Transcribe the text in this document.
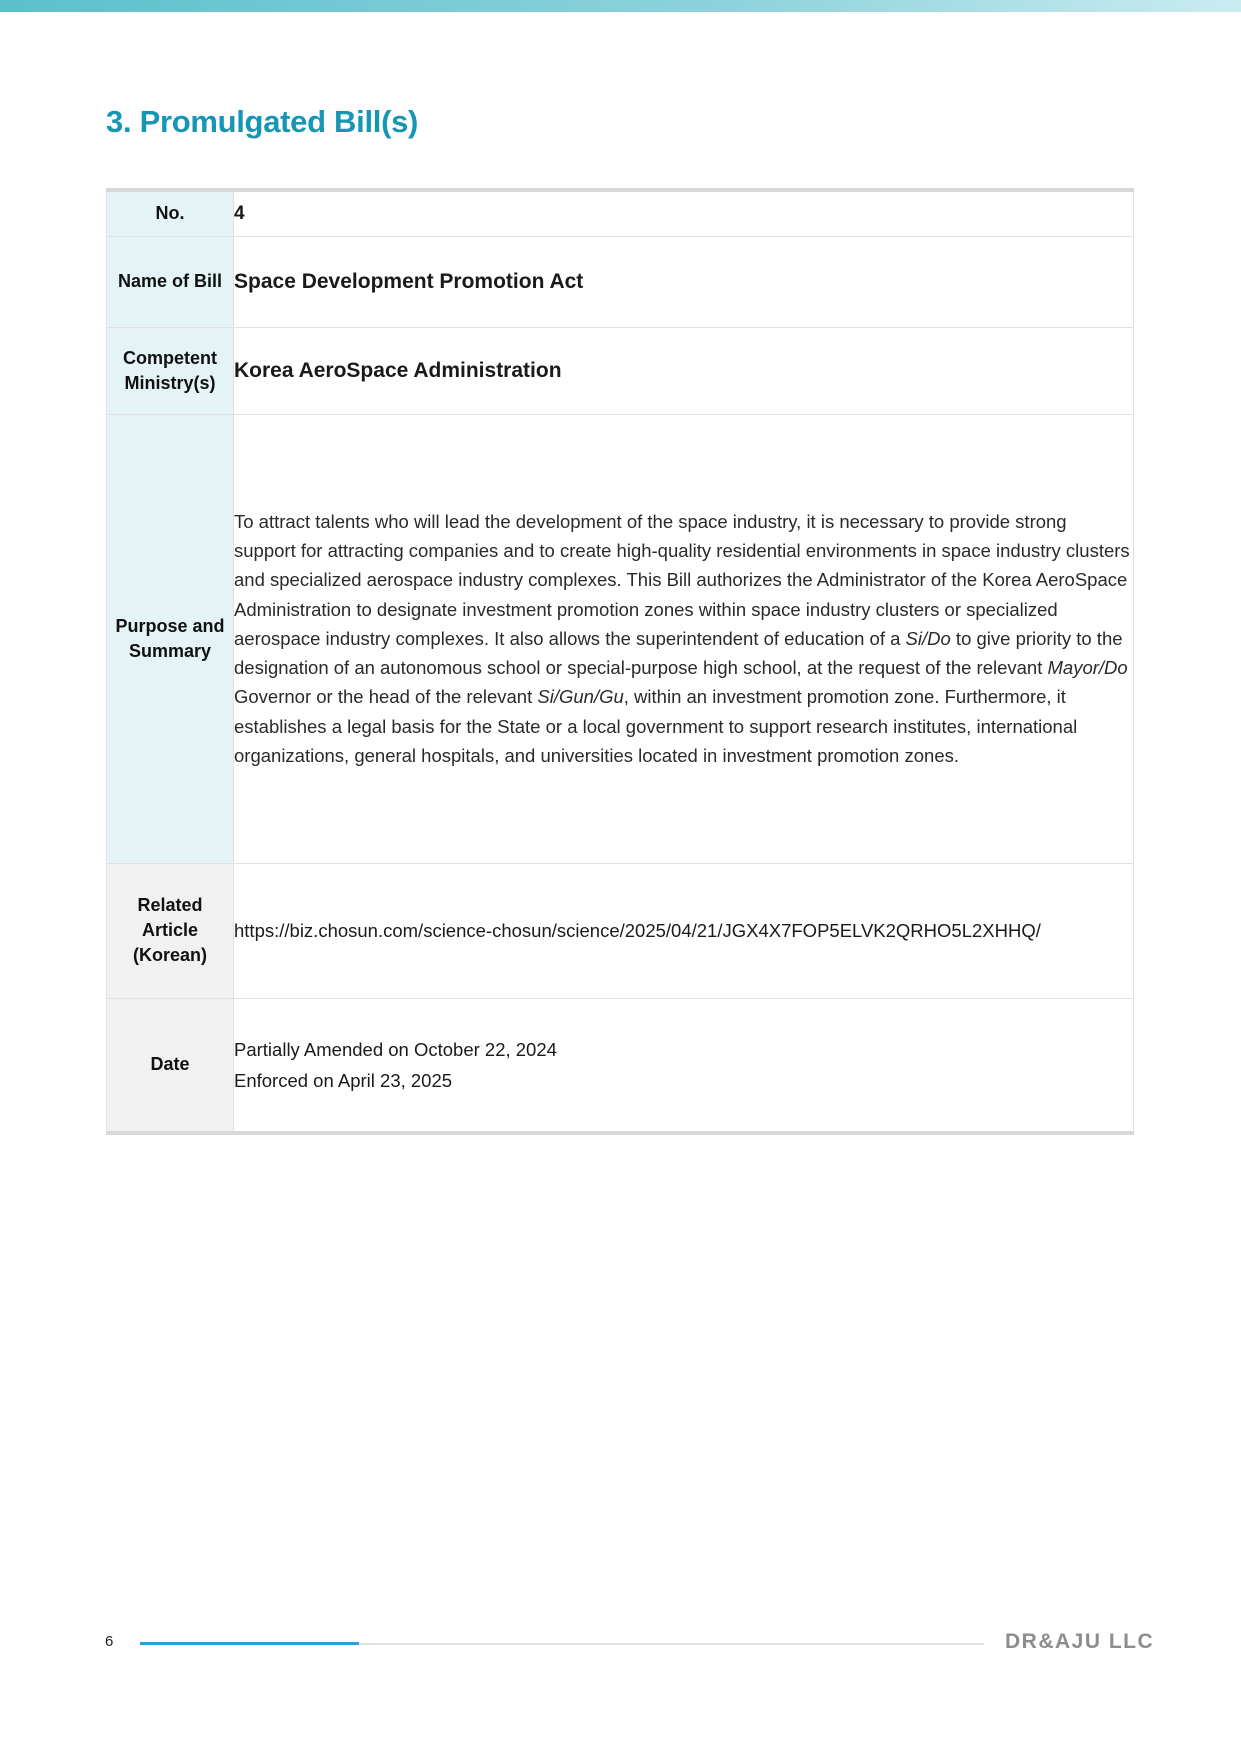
3. Promulgated Bill(s)
No.	4
Name of Bill	Space Development Promotion Act
Competent Ministry(s)	Korea AeroSpace Administration
Purpose and Summary	To attract talents who will lead the development of the space industry, it is necessary to provide strong support for attracting companies and to create high-quality residential environments in space industry clusters and specialized aerospace industry complexes. This Bill authorizes the Administrator of the Korea AeroSpace Administration to designate investment promotion zones within space industry clusters or specialized aerospace industry complexes. It also allows the superintendent of education of a Si/Do to give priority to the designation of an autonomous school or special-purpose high school, at the request of the relevant Mayor/Do Governor or the head of the relevant Si/Gun/Gu, within an investment promotion zone. Furthermore, it establishes a legal basis for the State or a local government to support research institutes, international organizations, general hospitals, and universities located in investment promotion zones.
Related Article (Korean)	https://biz.chosun.com/science-chosun/science/2025/04/21/JGX4X7FOP5ELVK2QRHO5L2XHHQ/
Date	Partially Amended on October 22, 2024
Enforced on April 23, 2025
6	DR&AJU LLC
